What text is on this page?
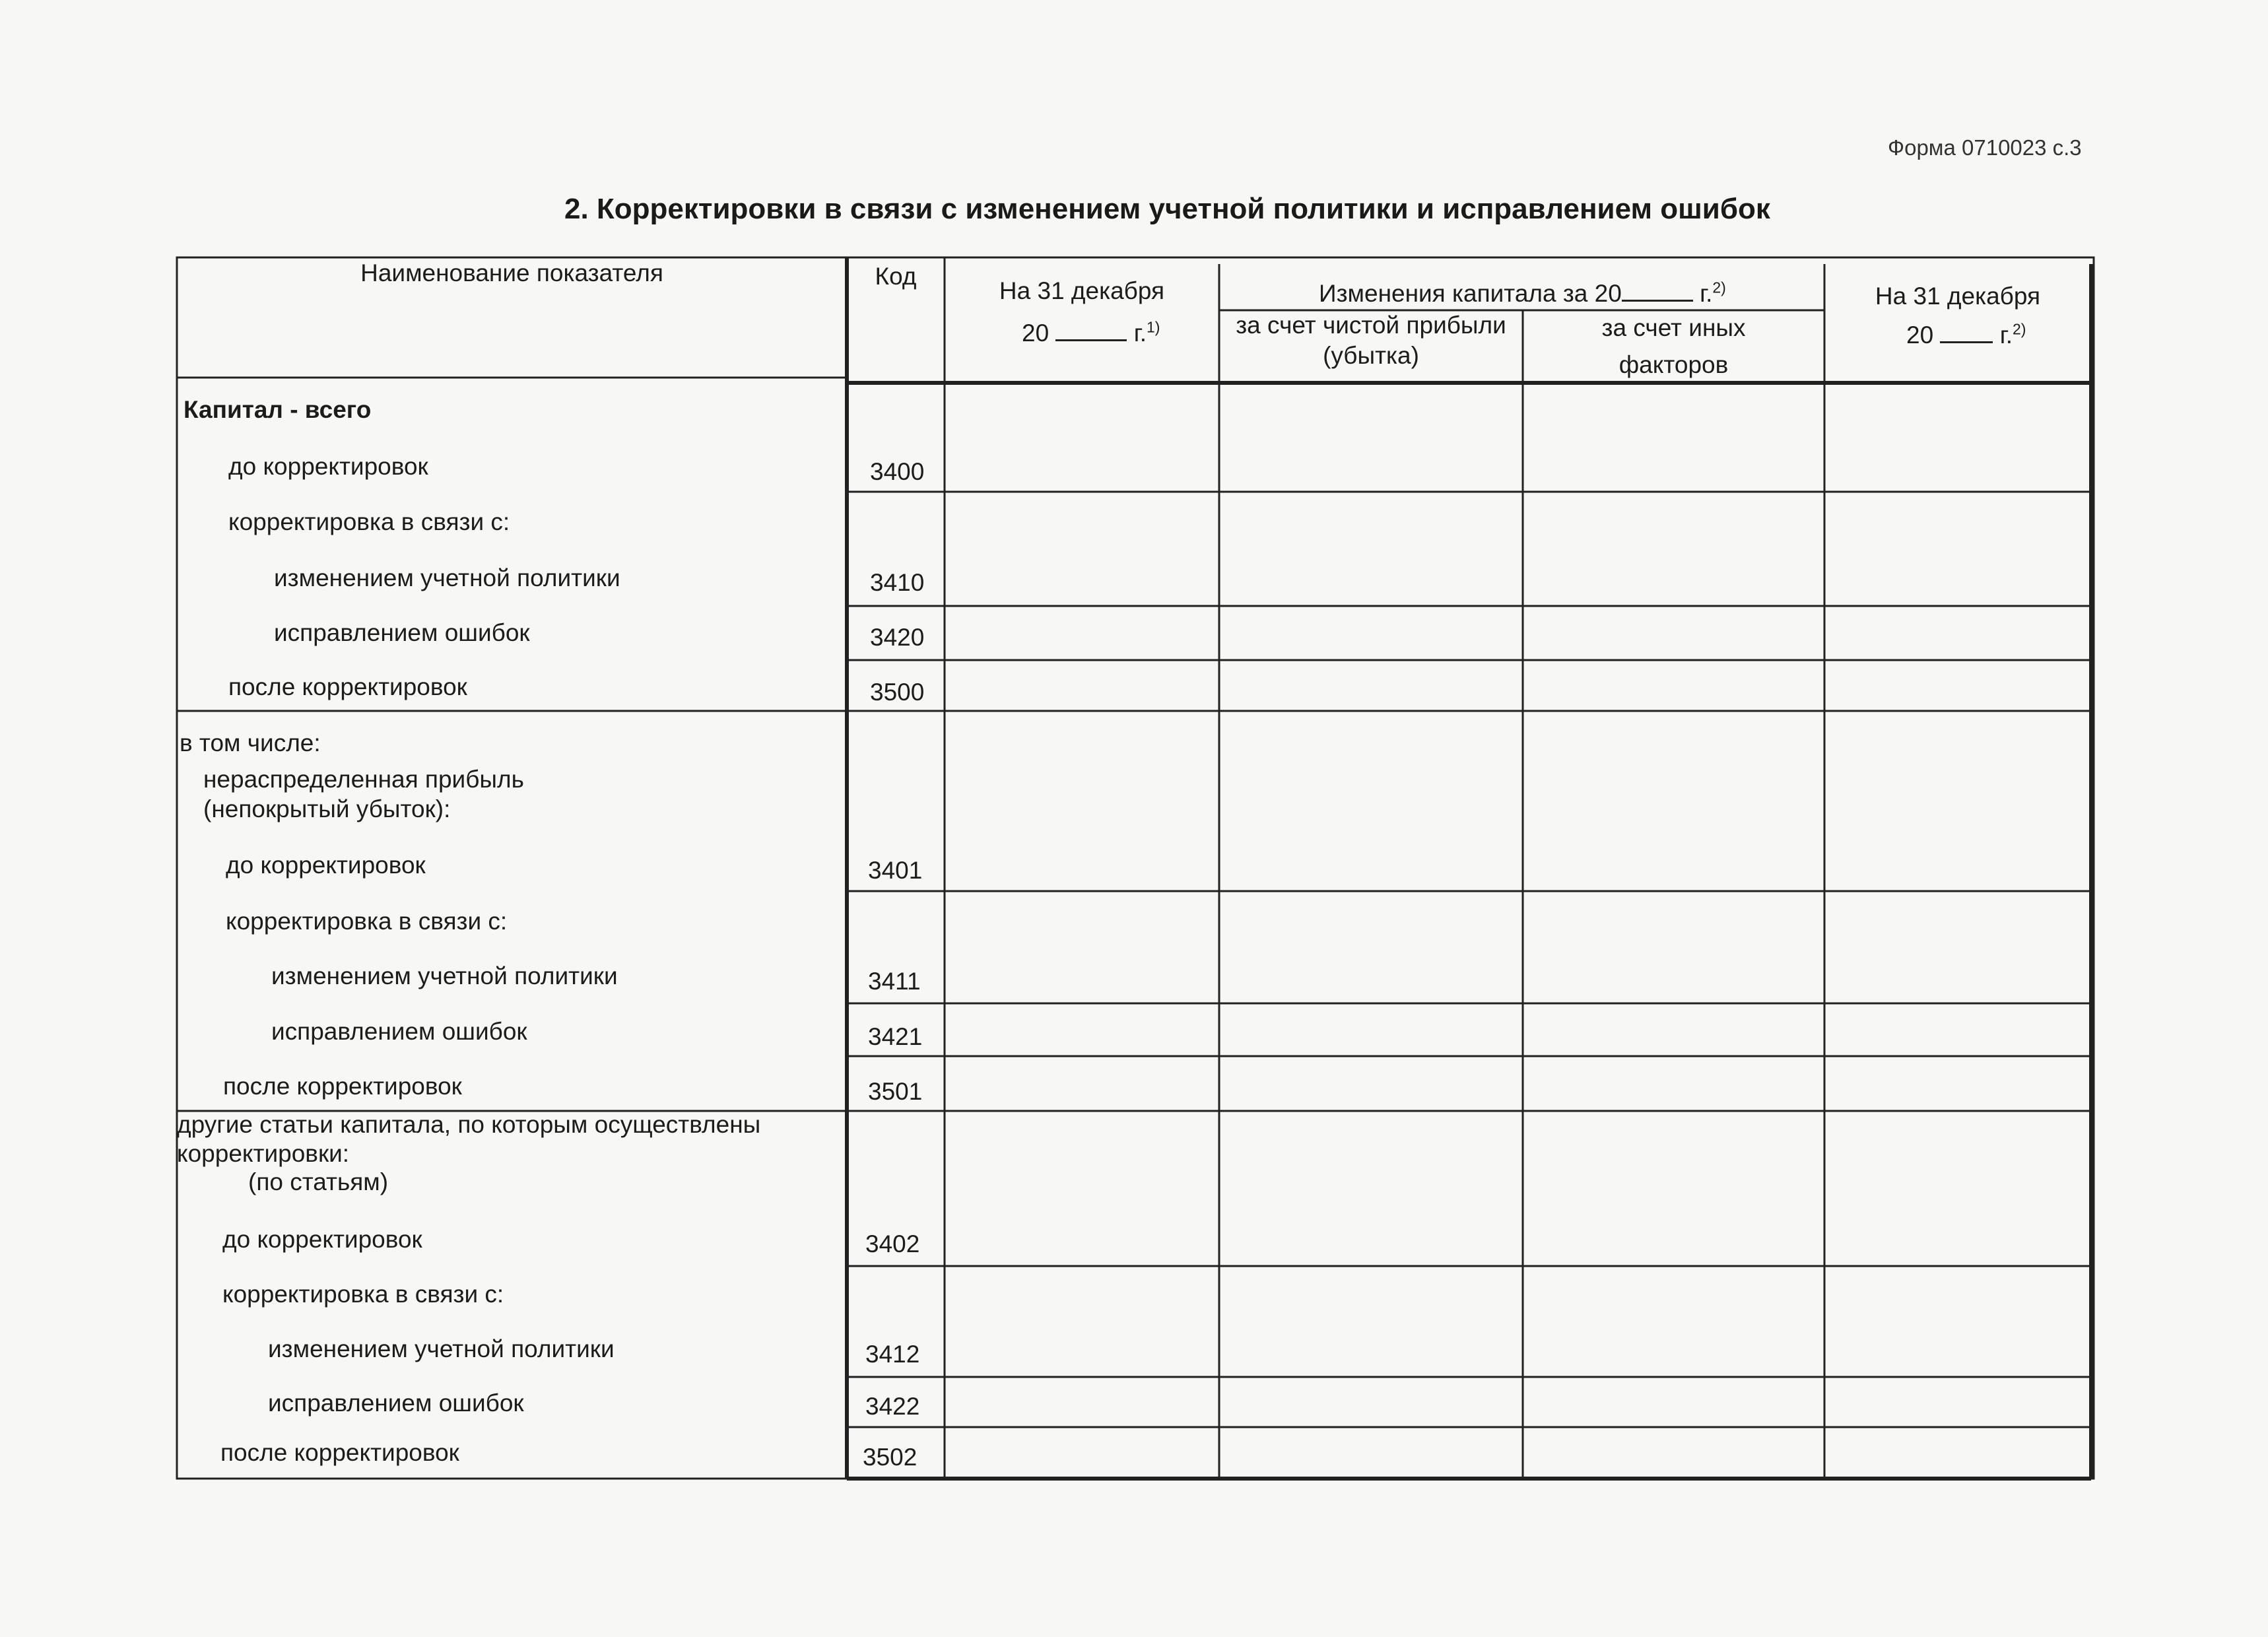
Форма 0710023 с.3
2. Корректировки в связи с изменением учетной политики и исправлением ошибок
Наименование показателя	Код
На 31 декабря
20	г.$^{1)}$
Изменения капитала за 20	г.$^{2)}$
за счет чистой прибыли
(убытка)
за счет иных
факторов
На 31 декабря
20	г.$^{2)}$
Капитал - всего
до корректировок	3400
корректировка в связи с:
изменением учетной политики	3410
исправлением ошибок	3420
после корректировок	3500
в том числе:
нераспределенная прибыль
(непокрытый убыток):
до корректировок	3401
корректировка в связи с:
изменением учетной политики	3411
исправлением ошибок	3421
после корректировок	3501
другие статьи капитала, по которым осуществлены
корректировки:
(по статьям)
до корректировок	3402
корректировка в связи с:
изменением учетной политики	3412
исправлением ошибок	3422
после корректировок	3502
